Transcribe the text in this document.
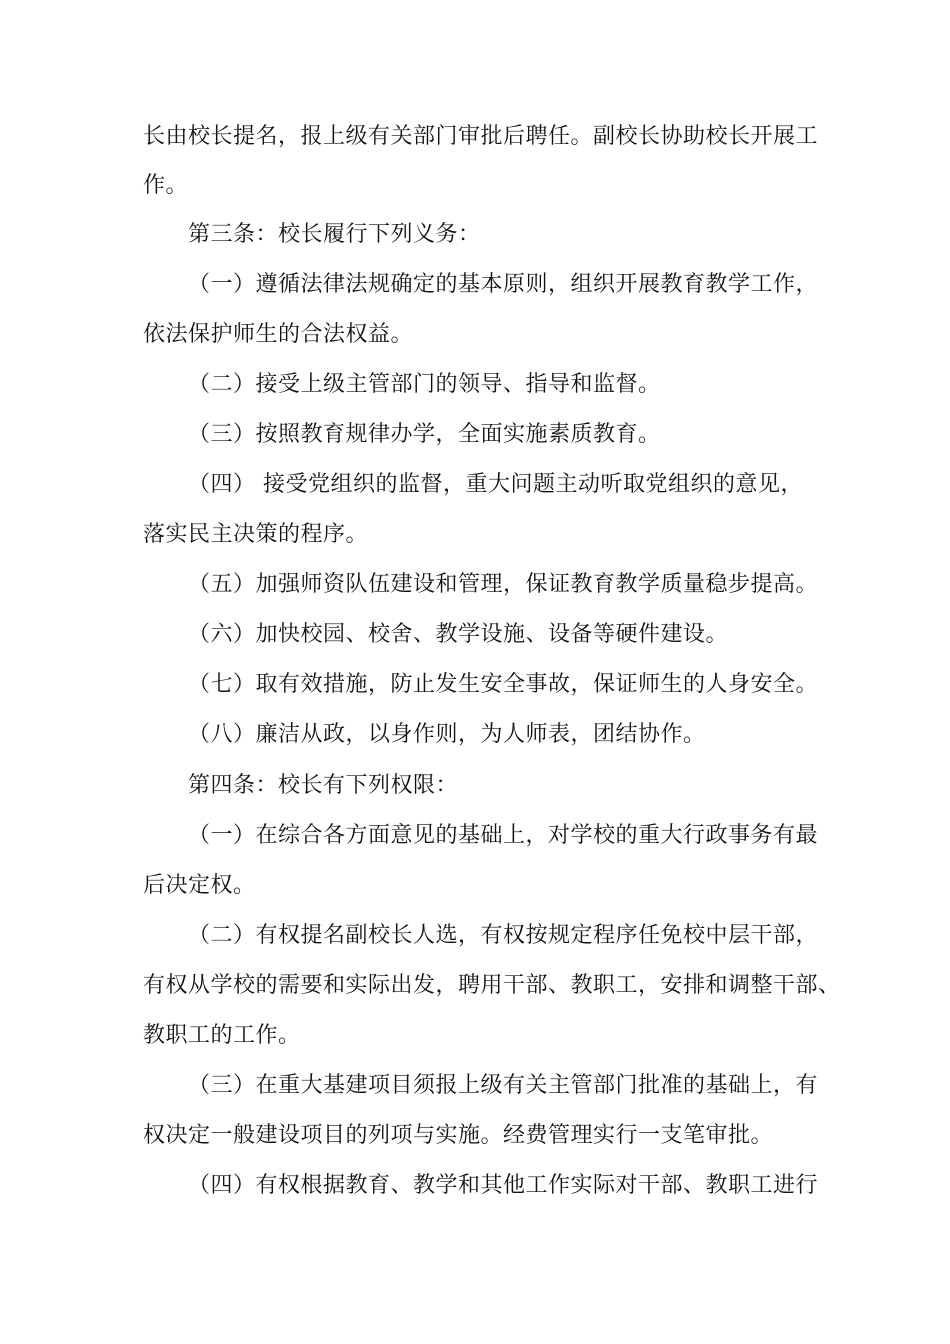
长由校长提名，报上级有关部门审批后聘任。副校长协助校长开展工
作。
第三条：校长履行下列义务：
（一）遵循法律法规确定的基本原则，组织开展教育教学工作，
依法保护师生的合法权益。
（二）接受上级主管部门的领导、指导和监督。
（三）按照教育规律办学，全面实施素质教育。
（四） 接受党组织的监督，重大问题主动听取党组织的意见，
落实民主决策的程序。
（五）加强师资队伍建设和管理，保证教育教学质量稳步提高。
（六）加快校园、校舍、教学设施、设备等硬件建设。
（七）取有效措施，防止发生安全事故，保证师生的人身安全。
（八）廉洁从政，以身作则，为人师表，团结协作。
第四条：校长有下列权限：
（一）在综合各方面意见的基础上，对学校的重大行政事务有最
后决定权。
（二）有权提名副校长人选，有权按规定程序任免校中层干部，
有权从学校的需要和实际出发，聘用干部、教职工，安排和调整干部、
教职工的工作。
（三）在重大基建项目须报上级有关主管部门批准的基础上，有
权决定一般建设项目的列项与实施。经费管理实行一支笔审批。
（四）有权根据教育、教学和其他工作实际对干部、教职工进行
